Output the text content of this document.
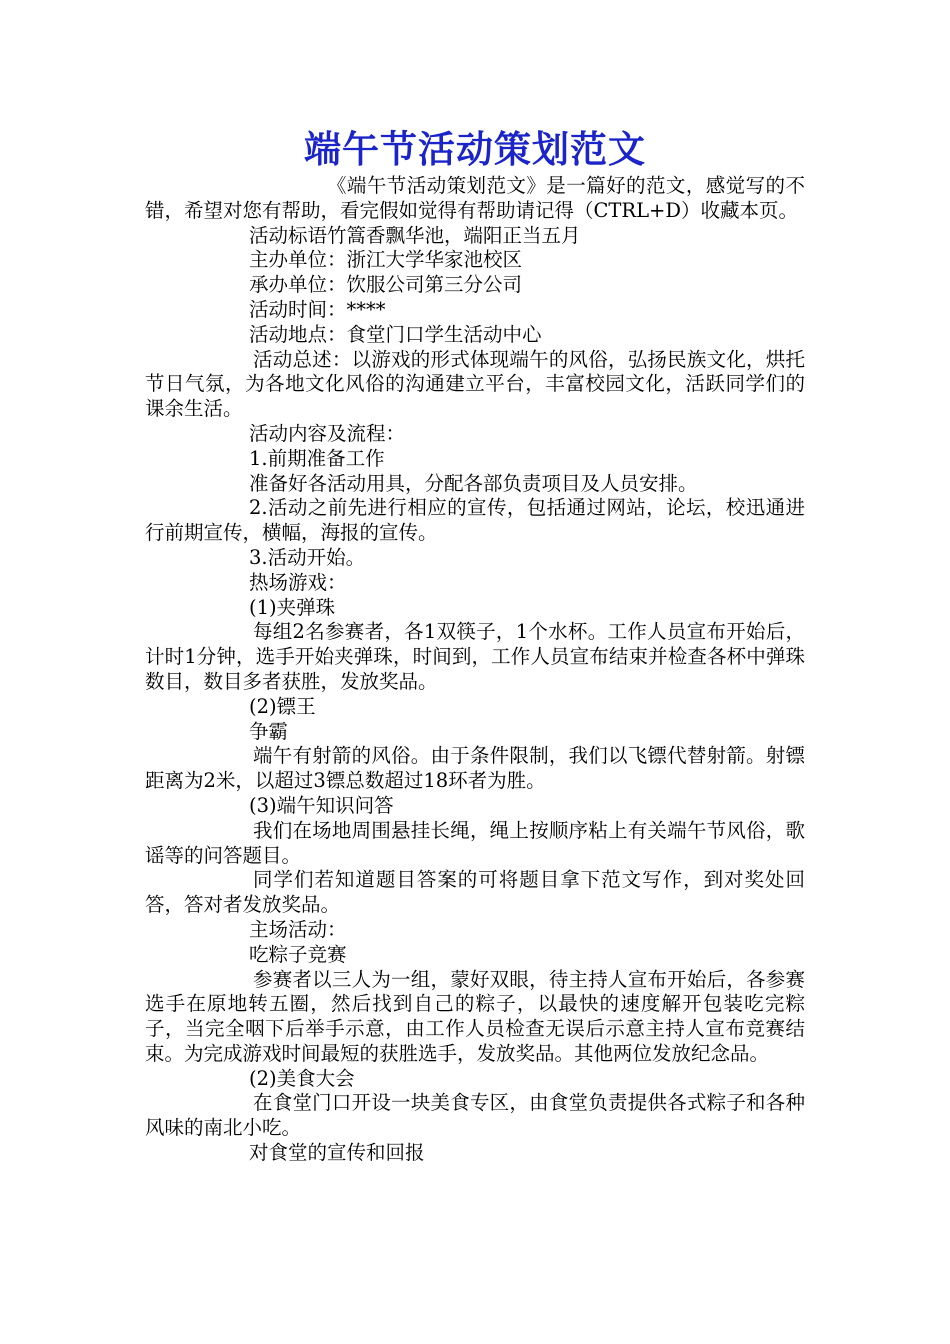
端午节活动策划范文

《端午节活动策划范文》是一篇好的范文，感觉写的不错，希望对您有帮助，看完假如觉得有帮助请记得（CTRL+D）收藏本页。

活动标语竹篙香飘华池，端阳正当五月

主办单位：浙江大学华家池校区

承办单位：饮服公司第三分公司

活动时间：****

活动地点：食堂门口学生活动中心

活动总述：以游戏的形式体现端午的风俗，弘扬民族文化，烘托节日气氛，为各地文化风俗的沟通建立平台，丰富校园文化，活跃同学们的课余生活。

活动内容及流程：

1.前期准备工作

准备好各活动用具，分配各部负责项目及人员安排。

2.活动之前先进行相应的宣传，包括通过网站，论坛，校迅通进行前期宣传，横幅，海报的宣传。

3.活动开始。

热场游戏：

(1)夹弹珠

每组2名参赛者，各1双筷子，1个水杯。工作人员宣布开始后，计时1分钟，选手开始夹弹珠，时间到，工作人员宣布结束并检查各杯中弹珠数目，数目多者获胜，发放奖品。

(2)镖王

争霸

端午有射箭的风俗。由于条件限制，我们以飞镖代替射箭。射镖距离为2米，以超过3镖总数超过18环者为胜。

(3)端午知识问答

我们在场地周围悬挂长绳，绳上按顺序粘上有关端午节风俗，歌谣等的问答题目。

同学们若知道题目答案的可将题目拿下范文写作，到对奖处回答，答对者发放奖品。

主场活动：

吃粽子竞赛

参赛者以三人为一组，蒙好双眼，待主持人宣布开始后，各参赛选手在原地转五圈，然后找到自己的粽子，以最快的速度解开包装吃完粽子，当完全咽下后举手示意，由工作人员检查无误后示意主持人宣布竞赛结束。为完成游戏时间最短的获胜选手，发放奖品。其他两位发放纪念品。

(2)美食大会

在食堂门口开设一块美食专区，由食堂负责提供各式粽子和各种风味的南北小吃。

对食堂的宣传和回报
